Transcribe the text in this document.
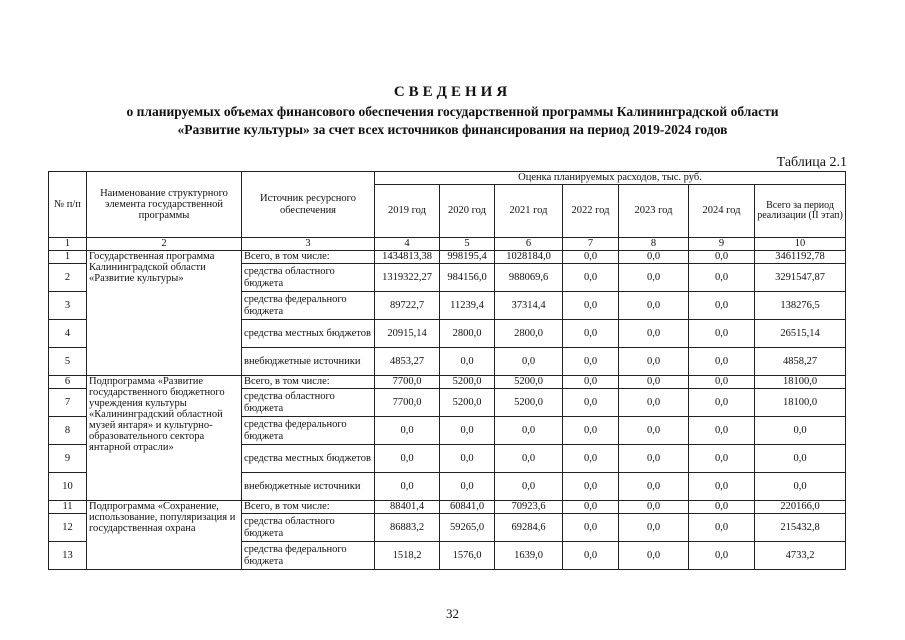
СВЕДЕНИЯ
о планируемых объемах финансового обеспечения государственной программы Калининградской области
«Развитие культуры» за счет всех источников финансирования на период 2019-2024 годов
Таблица 2.1
№ п/п	Наименование структурного элемента государственной программы	Источник ресурсного обеспечения	Оценка планируемых расходов, тыс. руб.						
			2019 год	2020 год	2021 год	2022 год	2023 год	2024 год	Всего за период реализации (II этап)
1	2	3	4	5	6	7	8	9	10
1	Государственная программа Калининградской области «Развитие культуры»	Всего, в том числе:	1434813,38	998195,4	1028184,0	0,0	0,0	0,0	3461192,78
2		средства областного бюджета	1319322,27	984156,0	988069,6	0,0	0,0	0,0	3291547,87
3		средства федерального бюджета	89722,7	11239,4	37314,4	0,0	0,0	0,0	138276,5
4		средства местных бюджетов	20915,14	2800,0	2800,0	0,0	0,0	0,0	26515,14
5		внебюджетные источники	4853,27	0,0	0,0	0,0	0,0	0,0	4858,27
6	Подпрограмма «Развитие государственного бюджетного учреждения культуры «Калининградский областной музей янтаря» и культурно-образовательного сектора янтарной отрасли»	Всего, в том числе:	7700,0	5200,0	5200,0	0,0	0,0	0,0	18100,0
7		средства областного бюджета	7700,0	5200,0	5200,0	0,0	0,0	0,0	18100,0
8		средства федерального бюджета	0,0	0,0	0,0	0,0	0,0	0,0	0,0
9		средства местных бюджетов	0,0	0,0	0,0	0,0	0,0	0,0	0,0
10		внебюджетные источники	0,0	0,0	0,0	0,0	0,0	0,0	0,0
11	Подпрограмма «Сохранение, использование, популяризация и государственная охрана	Всего, в том числе:	88401,4	60841,0	70923,6	0,0	0,0	0,0	220166,0
12		средства областного бюджета	86883,2	59265,0	69284,6	0,0	0,0	0,0	215432,8
13		средства федерального бюджета	1518,2	1576,0	1639,0	0,0	0,0	0,0	4733,2
32
